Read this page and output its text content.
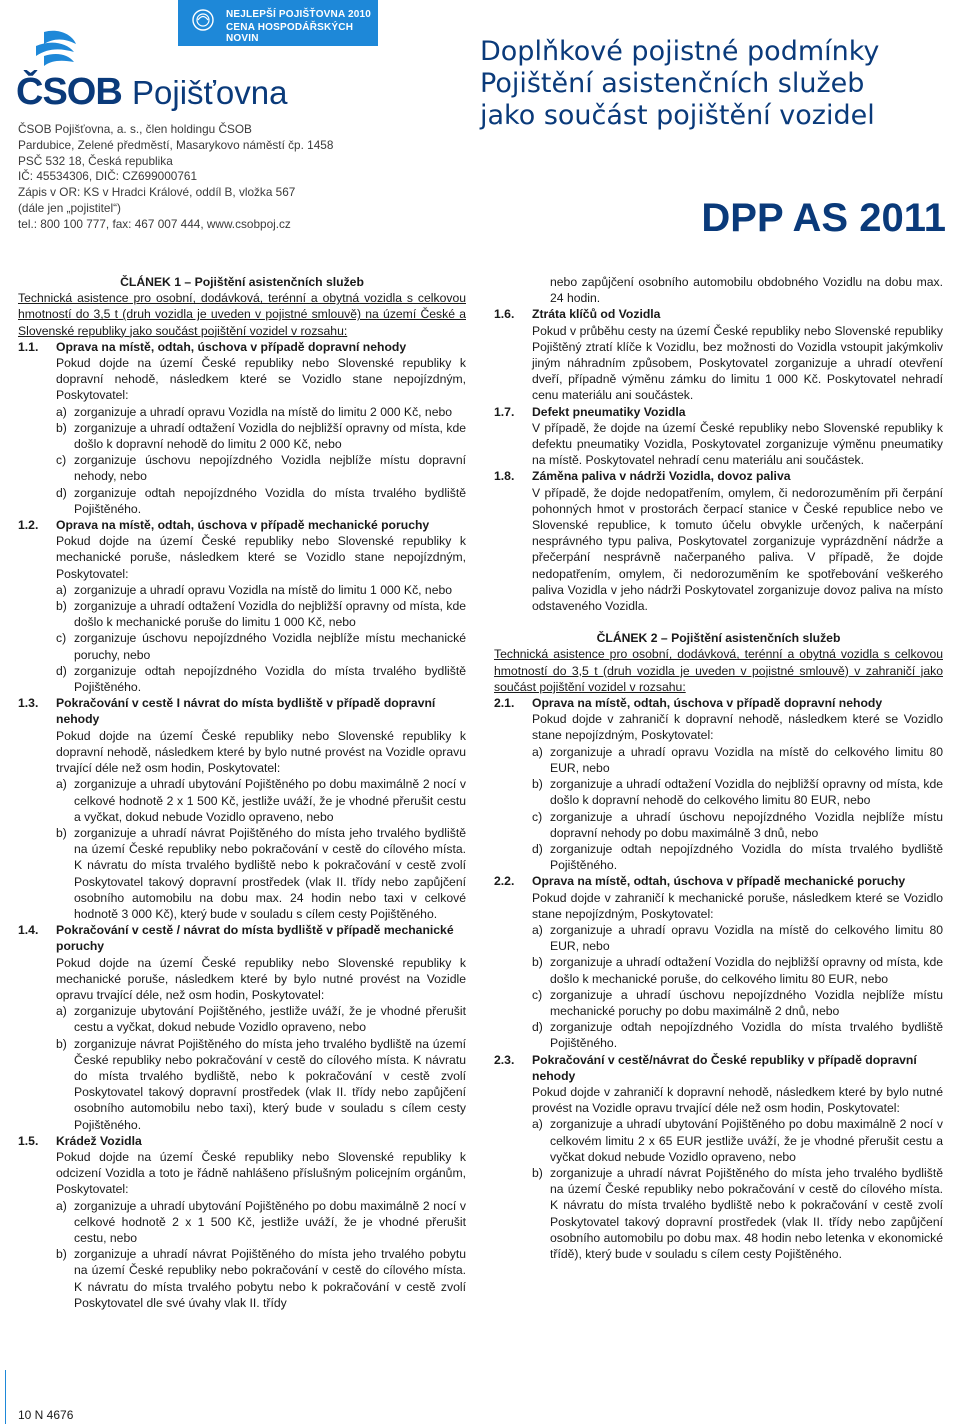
NEJLEPŠÍ POJIŠŤOVNA 2010
CENA HOSPODÁŘSKÝCH NOVIN
ČSOB Pojišťovna
ČSOB Pojišťovna, a. s., člen holdingu ČSOB
Pardubice, Zelené předměstí, Masarykovo náměstí čp. 1458
PSČ 532 18, Česká republika
IČ: 45534306, DIČ: CZ699000761
Zápis v OR: KS v Hradci Králové, oddíl B, vložka 567
(dále jen „pojistitel“)
tel.: 800 100 777, fax: 467 007 444, www.csobpoj.cz
Doplňkové pojistné podmínky
Pojištění asistenčních služeb
jako součást pojištění vozidel
DPP AS 2011
ČLÁNEK 1 – Pojištění asistenčních služeb
Technická asistence pro osobní, dodávková, terénní a obytná vozidla s celkovou hmotností do 3,5 t (druh vozidla je uveden v pojistné smlouvě) na území České a Slovenské republiky jako součást pojištění vozidel v rozsahu:
1.1. Oprava na místě, odtah, úschova v případě dopravní nehody
Pokud dojde na území České republiky nebo Slovenské republiky k dopravní nehodě, následkem které se Vozidlo stane nepojízdným, Poskytovatel:
a) zorganizuje a uhradí opravu Vozidla na místě do limitu 2 000 Kč, nebo
b) zorganizuje a uhradí odtažení Vozidla do nejbližší opravny od místa, kde došlo k dopravní nehodě do limitu 2 000 Kč, nebo
c) zorganizuje úschovu nepojízdného Vozidla nejblíže místu dopravní nehody, nebo
d) zorganizuje odtah nepojízdného Vozidla do místa trvalého bydliště Pojištěného.
1.2. Oprava na místě, odtah, úschova v případě mechanické poruchy
Pokud dojde na území České republiky nebo Slovenské republiky k mechanické poruše, následkem které se Vozidlo stane nepojízdným, Poskytovatel:
a) zorganizuje a uhradí opravu Vozidla na místě do limitu 1 000 Kč, nebo
b) zorganizuje a uhradí odtažení Vozidla do nejbližší opravny od místa, kde došlo k mechanické poruše do limitu 1 000 Kč, nebo
c) zorganizuje úschovu nepojízdného Vozidla nejblíže místu mechanické poruchy, nebo
d) zorganizuje odtah nepojízdného Vozidla do místa trvalého bydliště Pojištěného.
1.3. Pokračování v cestě I návrat do místa bydliště v případě dopravní nehody
Pokud dojde na území České republiky nebo Slovenské republiky k dopravní nehodě, následkem které by bylo nutné provést na Vozidle opravu trvající déle než osm hodin, Poskytovatel:
a) zorganizuje a uhradí ubytování Pojištěného po dobu maximálně 2 nocí v celkové hodnotě 2 x 1 500 Kč, jestliže uváží, že je vhodné přerušit cestu a vyčkat, dokud nebude Vozidlo opraveno, nebo
b) zorganizuje a uhradí návrat Pojištěného do místa jeho trvalého bydliště na území České republiky nebo pokračování v cestě do cílového místa. K návratu do místa trvalého bydliště nebo k pokračování v cestě zvolí Poskytovatel takový dopravní prostředek (vlak II. třídy nebo zapůjčení osobního automobilu na dobu max. 24 hodin nebo taxi v celkové hodnotě 3 000 Kč), který bude v souladu s cílem cesty Pojištěného.
1.4. Pokračování v cestě / návrat do místa bydliště v případě mechanické poruchy
Pokud dojde na území České republiky nebo Slovenské republiky k mechanické poruše, následkem které by bylo nutné provést na Vozidle opravu trvající déle, než osm hodin, Poskytovatel:
a) zorganizuje ubytování Pojištěného, jestliže uváží, že je vhodné přerušit cestu a vyčkat, dokud nebude Vozidlo opraveno, nebo
b) zorganizuje návrat Pojištěného do místa jeho trvalého bydliště na území České republiky nebo pokračování v cestě do cílového místa. K návratu do místa trvalého bydliště, nebo k pokračování v cestě zvolí Poskytovatel takový dopravní prostředek (vlak II. třídy nebo zapůjčení osobního automobilu nebo taxi), který bude v souladu s cílem cesty Pojištěného.
1.5. Krádež Vozidla
Pokud dojde na území České republiky nebo Slovenské republiky k odcizení Vozidla a toto je řádně nahlášeno příslušným policejním orgánům, Poskytovatel:
a) zorganizuje a uhradí ubytování Pojištěného po dobu maximálně 2 nocí v celkové hodnotě 2 x 1 500 Kč, jestliže uváží, že je vhodné přerušit cestu, nebo
b) zorganizuje a uhradí návrat Pojištěného do místa jeho trvalého pobytu na území České republiky nebo pokračování v cestě do cílového místa. K návratu do místa trvalého pobytu nebo k pokračování v cestě zvolí Poskytovatel dle své úvahy vlak II. třídy
nebo zapůjčení osobního automobilu obdobného Vozidlu na dobu max. 24 hodin.
1.6. Ztráta klíčů od Vozidla
Pokud v průběhu cesty na území České republiky nebo Slovenské republiky Pojištěný ztratí klíče k Vozidlu, bez možnosti do Vozidla vstoupit jakýmkoliv jiným náhradním způsobem, Poskytovatel zorganizuje a uhradí otevření dveří, případně výměnu zámku do limitu 1 000 Kč. Poskytovatel nehradí cenu materiálu ani součástek.
1.7. Defekt pneumatiky Vozidla
V případě, že dojde na území České republiky nebo Slovenské republiky k defektu pneumatiky Vozidla, Poskytovatel zorganizuje výměnu pneumatiky na místě. Poskytovatel nehradí cenu materiálu ani součástek.
1.8. Záměna paliva v nádrži Vozidla, dovoz paliva
V případě, že dojde nedopatřením, omylem, či nedorozuměním při čerpání pohonných hmot v prostorách čerpací stanice v České republice nebo ve Slovenské republice, k tomuto účelu obvykle určených, k načerpání nesprávného typu paliva, Poskytovatel zorganizuje vyprázdnění nádrže a přečerpání nesprávně načerpaného paliva. V případě, že dojde nedopatřením, omylem, či nedorozuměním ke spotřebování veškerého paliva Vozidla v jeho nádrži Poskytovatel zorganizuje dovoz paliva na místo odstaveného Vozidla.
ČLÁNEK 2 – Pojištění asistenčních služeb
Technická asistence pro osobní, dodávková, terénní a obytná vozidla s celkovou hmotností do 3,5 t (druh vozidla je uveden v pojistné smlouvě) v zahraničí jako součást pojištění vozidel v rozsahu:
2.1. Oprava na místě, odtah, úschova v případě dopravní nehody
Pokud dojde v zahraničí k dopravní nehodě, následkem které se Vozidlo stane nepojízdným, Poskytovatel:
a) zorganizuje a uhradí opravu Vozidla na místě do celkového limitu 80 EUR, nebo
b) zorganizuje a uhradí odtažení Vozidla do nejbližší opravny od místa, kde došlo k dopravní nehodě do celkového limitu 80 EUR, nebo
c) zorganizuje a uhradí úschovu nepojízdného Vozidla nejblíže místu dopravní nehody po dobu maximálně 3 dnů, nebo
d) zorganizuje odtah nepojízdného Vozidla do místa trvalého bydliště Pojištěného.
2.2. Oprava na místě, odtah, úschova v případě mechanické poruchy
Pokud dojde v zahraničí k mechanické poruše, následkem které se Vozidlo stane nepojízdným, Poskytovatel:
a) zorganizuje a uhradí opravu Vozidla na místě do celkového limitu 80 EUR, nebo
b) zorganizuje a uhradí odtažení Vozidla do nejbližší opravny od místa, kde došlo k mechanické poruše, do celkového limitu 80 EUR, nebo
c) zorganizuje a uhradí úschovu nepojízdného Vozidla nejblíže místu mechanické poruchy po dobu maximálně 2 dnů, nebo
d) zorganizuje odtah nepojízdného Vozidla do místa trvalého bydliště Pojištěného.
2.3. Pokračování v cestě/návrat do České republiky v případě dopravní nehody
Pokud dojde v zahraničí k dopravní nehodě, následkem které by bylo nutné provést na Vozidle opravu trvající déle než osm hodin, Poskytovatel:
a) zorganizuje a uhradí ubytování Pojištěného po dobu maximálně 2 nocí v celkovém limitu 2 x 65 EUR jestliže uváží, že je vhodné přerušit cestu a vyčkat dokud nebude Vozidlo opraveno, nebo
b) zorganizuje a uhradí návrat Pojištěného do místa jeho trvalého bydliště na území České republiky nebo pokračování v cestě do cílového místa. K návratu do místa trvalého bydliště nebo k pokračování v cestě zvolí Poskytovatel takový dopravní prostředek (vlak II. třídy nebo zapůjčení osobního automobilu po dobu max. 48 hodin nebo letenka v ekonomické třídě), který bude v souladu s cílem cesty Pojištěného.
10 N 4676
